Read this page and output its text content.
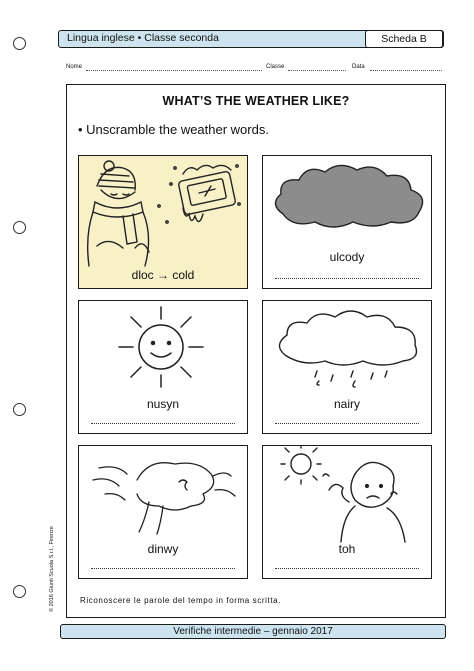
Lingua inglese • Classe seconda	Scheda B
Nome	Classe	Data
WHAT’S THE WEATHER LIKE?
• Unscramble the weather words.
dloc → cold
ulcody
nusyn	nairy
dinwy	toh
Riconoscere le parole del tempo in forma scritta.
© 2016 Giunti Scuola S.r.l., Firenze
Verifiche intermedie – gennaio 2017
